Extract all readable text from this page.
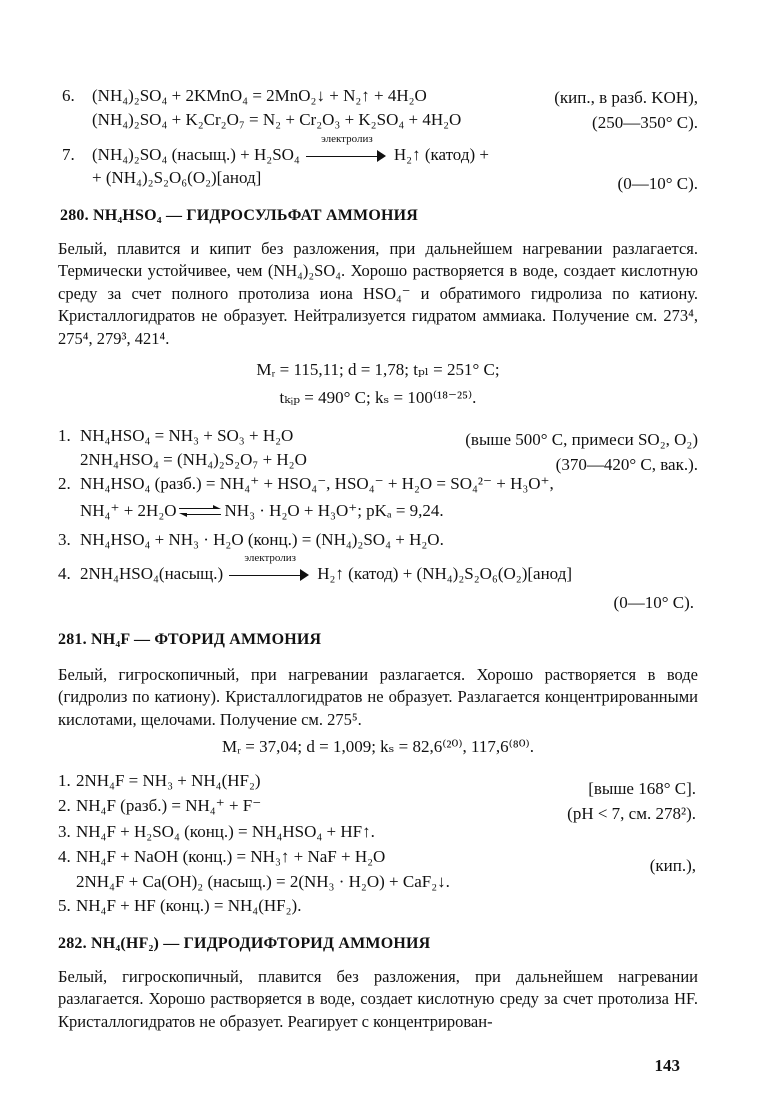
6. (NH₄)₂SO₄ + 2KMnO₄ = 2MnO₂↓ + N₂↑ + 4H₂O	(кип., в разб. KOH),
(NH₄)₂SO₄ + K₂Cr₂O₇ = N₂ + Cr₂O₃ + K₂SO₄ + 4H₂O	(250—350° C).
7. (NH₄)₂SO₄ (насыщ.) + H₂SO₄
электролиз
H₂↑ (катод) +
+ (NH₄)₂S₂O₆(O₂)[анод]	(0—10° C).
280. NH₄HSO₄ — ГИДРОСУЛЬФАТ АММОНИЯ
Белый, плавится и кипит без разложения, при дальнейшем нагревании разлагается. Термически устойчивее, чем (NH₄)₂SO₄. Хорошо растворяется в воде, создает кислотную среду за счет полного протолиза иона HSO₄⁻ и обратимого гидролиза по катиону. Кристаллогидратов не образует. Нейтрализуется гидратом аммиака. Получение см. 273⁴, 275⁴, 279³, 421⁴.
Mᵣ = 115,11; d = 1,78; tₚₗ = 251° C;
tₖᵢₚ = 490° C; kₛ = 100⁽¹⁸⁻²⁵⁾.
1. NH₄HSO₄ = NH₃ + SO₃ + H₂O	(выше 500° C, примеси SO₂, O₂)
2NH₄HSO₄ = (NH₄)₂S₂O₇ + H₂O	(370—420° C, вак.).
2. NH₄HSO₄ (разб.) = NH₄⁺ + HSO₄⁻, HSO₄⁻ + H₂O = SO₄²⁻ + H₃O⁺,
NH₄⁺ + 2H₂O	NH₃ · H₂O + H₃O⁺; pKₐ = 9,24.
3. NH₄HSO₄ + NH₃ · H₂O (конц.) = (NH₄)₂SO₄ + H₂O.
4. 2NH₄HSO₄(насыщ.)
электролиз
H₂↑ (катод) + (NH₄)₂S₂O₆(O₂)[анод]
(0—10° C).
281. NH₄F — ФТОРИД АММОНИЯ
Белый, гигроскопичный, при нагревании разлагается. Хорошо растворяется в воде (гидролиз по катиону). Кристаллогидратов не образует. Разлагается концентрированными кислотами, щелочами. Получение см. 275⁵.
Mᵣ = 37,04; d = 1,009; kₛ = 82,6⁽²⁰⁾, 117,6⁽⁸⁰⁾.
1. 2NH₄F = NH₃ + NH₄(HF₂)	[выше 168° C].
2. NH₄F (разб.) = NH₄⁺ + F⁻	(pH < 7, см. 278²).
3. NH₄F + H₂SO₄ (конц.) = NH₄HSO₄ + HF↑.
4. NH₄F + NaOH (конц.) = NH₃↑ + NaF + H₂O	(кип.),
2NH₄F + Ca(OH)₂ (насыщ.) = 2(NH₃ · H₂O) + CaF₂↓.
5. NH₄F + HF (конц.) = NH₄(HF₂).
282. NH₄(HF₂) — ГИДРОДИФТОРИД АММОНИЯ
Белый, гигроскопичный, плавится без разложения, при дальнейшем нагревании разлагается. Хорошо растворяется в воде, создает кислотную среду за счет протолиза HF. Кристаллогидратов не образует. Реагирует с концентрирован-
143
